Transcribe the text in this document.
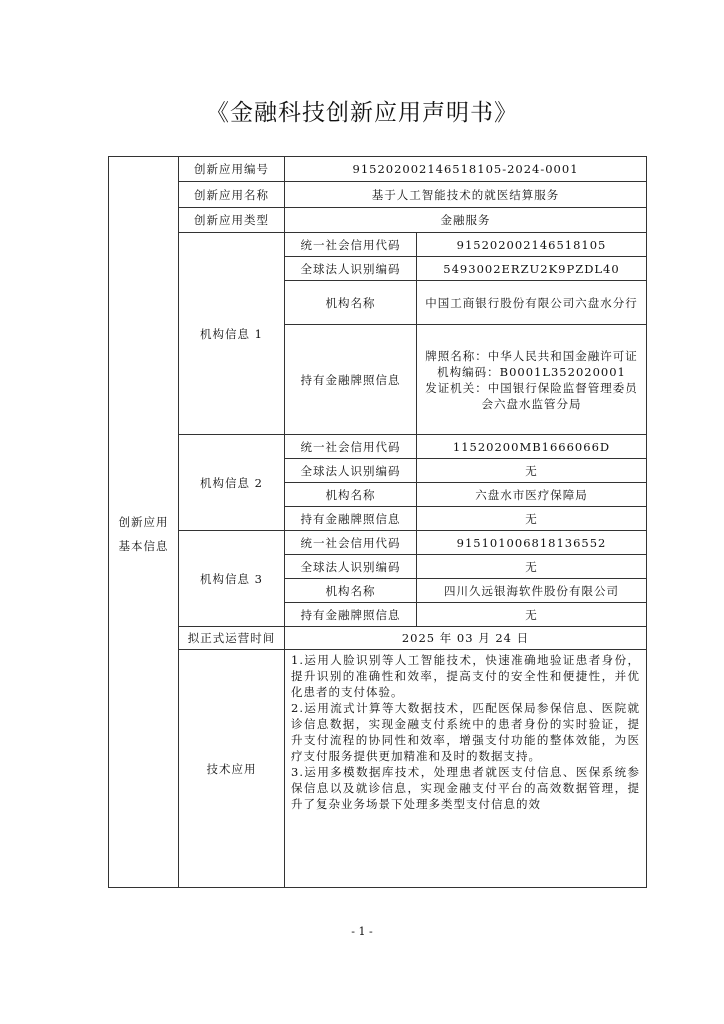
《金融科技创新应用声明书》

创新应用
基本信息	创新应用编号	915202002146518105-2024-0001	
	创新应用名称	基于人工智能技术的就医结算服务	
	创新应用类型	金融服务	
	机构信息 1	统一社会信用代码	915202002146518105
		全球法人识别编码	5493002ERZU2K9PZDL40
		机构名称	中国工商银行股份有限公司六盘水分行
		持有金融牌照信息	牌照名称：中华人民共和国金融许可证
机构编码：B0001L352020001
发证机关：中国银行保险监督管理委员会六盘水监管分局

	机构信息 2	统一社会信用代码	11520200MB1666066D
		全球法人识别编码	无
		机构名称	六盘水市医疗保障局
		持有金融牌照信息	无
	机构信息 3	统一社会信用代码	915101006818136552
		全球法人识别编码	无
		机构名称	四川久远银海软件股份有限公司
		持有金融牌照信息	无
	拟正式运营时间	2025 年 03 月 24 日	
	技术应用	1.运用人脸识别等人工智能技术，快速准确地验证患者身份，提升识别的准确性和效率，提高支付的安全性和便捷性，并优化患者的支付体验。

2.运用流式计算等大数据技术，匹配医保局参保信息、医院就诊信息数据，实现金融支付系统中的患者身份的实时验证，提升支付流程的协同性和效率，增强支付功能的整体效能，为医疗支付服务提供更加精准和及时的数据支持。

3.运用多模数据库技术，处理患者就医支付信息、医保系统参保信息以及就诊信息，实现金融支付平台的高效数据管理，提升了复杂业务场景下处理多类型支付信息的效	

- 1 -
